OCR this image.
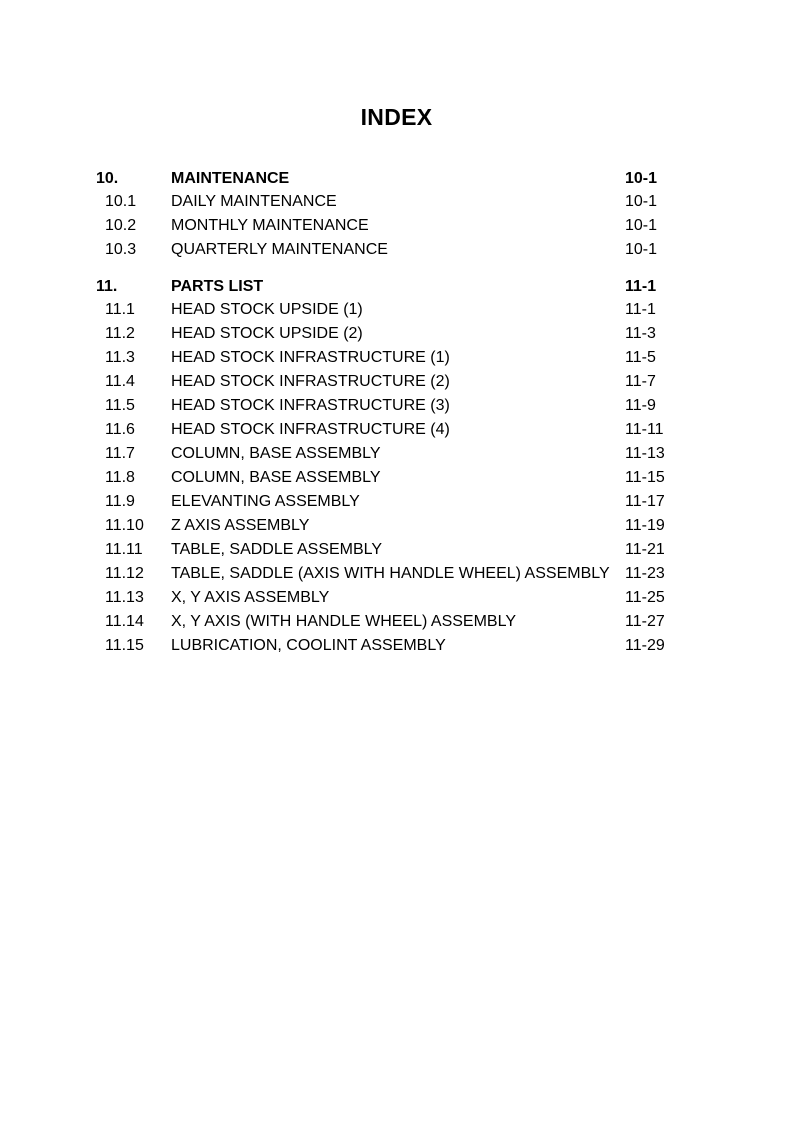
INDEX
10.	MAINTENANCE	10-1
10.1 DAILY MAINTENANCE	10-1
10.2 MONTHLY MAINTENANCE	10-1
10.3 QUARTERLY MAINTENANCE	10-1
11.	PARTS LIST	11-1
11.1 HEAD STOCK UPSIDE (1)	11-1
11.2 HEAD STOCK UPSIDE (2)	11-3
11.3 HEAD STOCK INFRASTRUCTURE (1)	11-5
11.4 HEAD STOCK INFRASTRUCTURE (2)	11-7
11.5 HEAD STOCK INFRASTRUCTURE (3)	11-9
11.6 HEAD STOCK INFRASTRUCTURE (4)	11-11
11.7 COLUMN, BASE ASSEMBLY	11-13
11.8 COLUMN, BASE ASSEMBLY	11-15
11.9 ELEVANTING ASSEMBLY	11-17
11.10 Z AXIS ASSEMBLY	11-19
11.11 TABLE, SADDLE ASSEMBLY	11-21
11.12 TABLE, SADDLE (AXIS WITH HANDLE WHEEL) ASSEMBLY 11-23
11.13 X, Y AXIS ASSEMBLY	11-25
11.14 X, Y AXIS (WITH HANDLE WHEEL) ASSEMBLY	11-27
11.15 LUBRICATION, COOLINT ASSEMBLY	11-29
